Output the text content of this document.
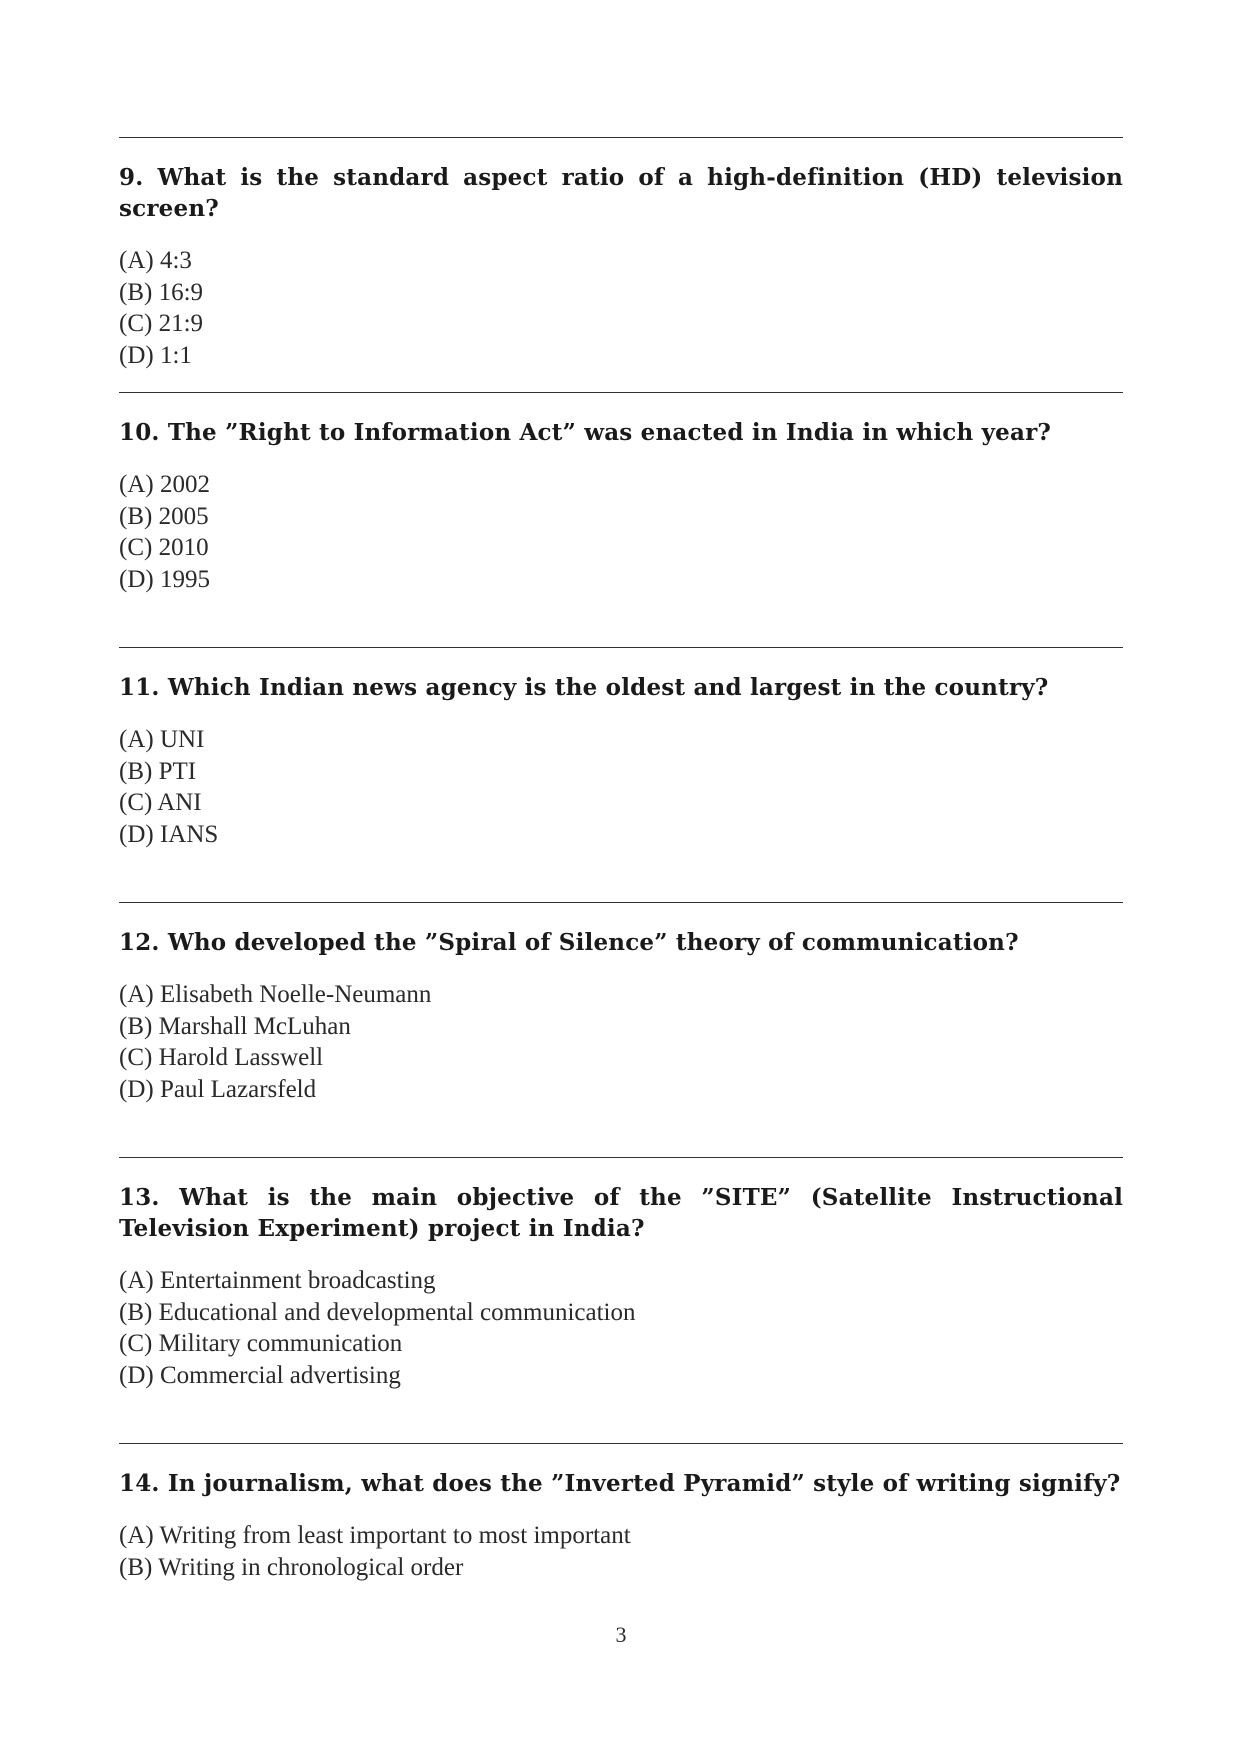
9. What is the standard aspect ratio of a high-definition (HD) television screen?
(A) 4:3
(B) 16:9
(C) 21:9
(D) 1:1
10. The ”Right to Information Act” was enacted in India in which year?
(A) 2002
(B) 2005
(C) 2010
(D) 1995
11. Which Indian news agency is the oldest and largest in the country?
(A) UNI
(B) PTI
(C) ANI
(D) IANS
12. Who developed the ”Spiral of Silence” theory of communication?
(A) Elisabeth Noelle-Neumann
(B) Marshall McLuhan
(C) Harold Lasswell
(D) Paul Lazarsfeld
13. What is the main objective of the ”SITE” (Satellite Instructional Television Experiment) project in India?
(A) Entertainment broadcasting
(B) Educational and developmental communication
(C) Military communication
(D) Commercial advertising
14. In journalism, what does the ”Inverted Pyramid” style of writing signify?
(A) Writing from least important to most important
(B) Writing in chronological order
3
